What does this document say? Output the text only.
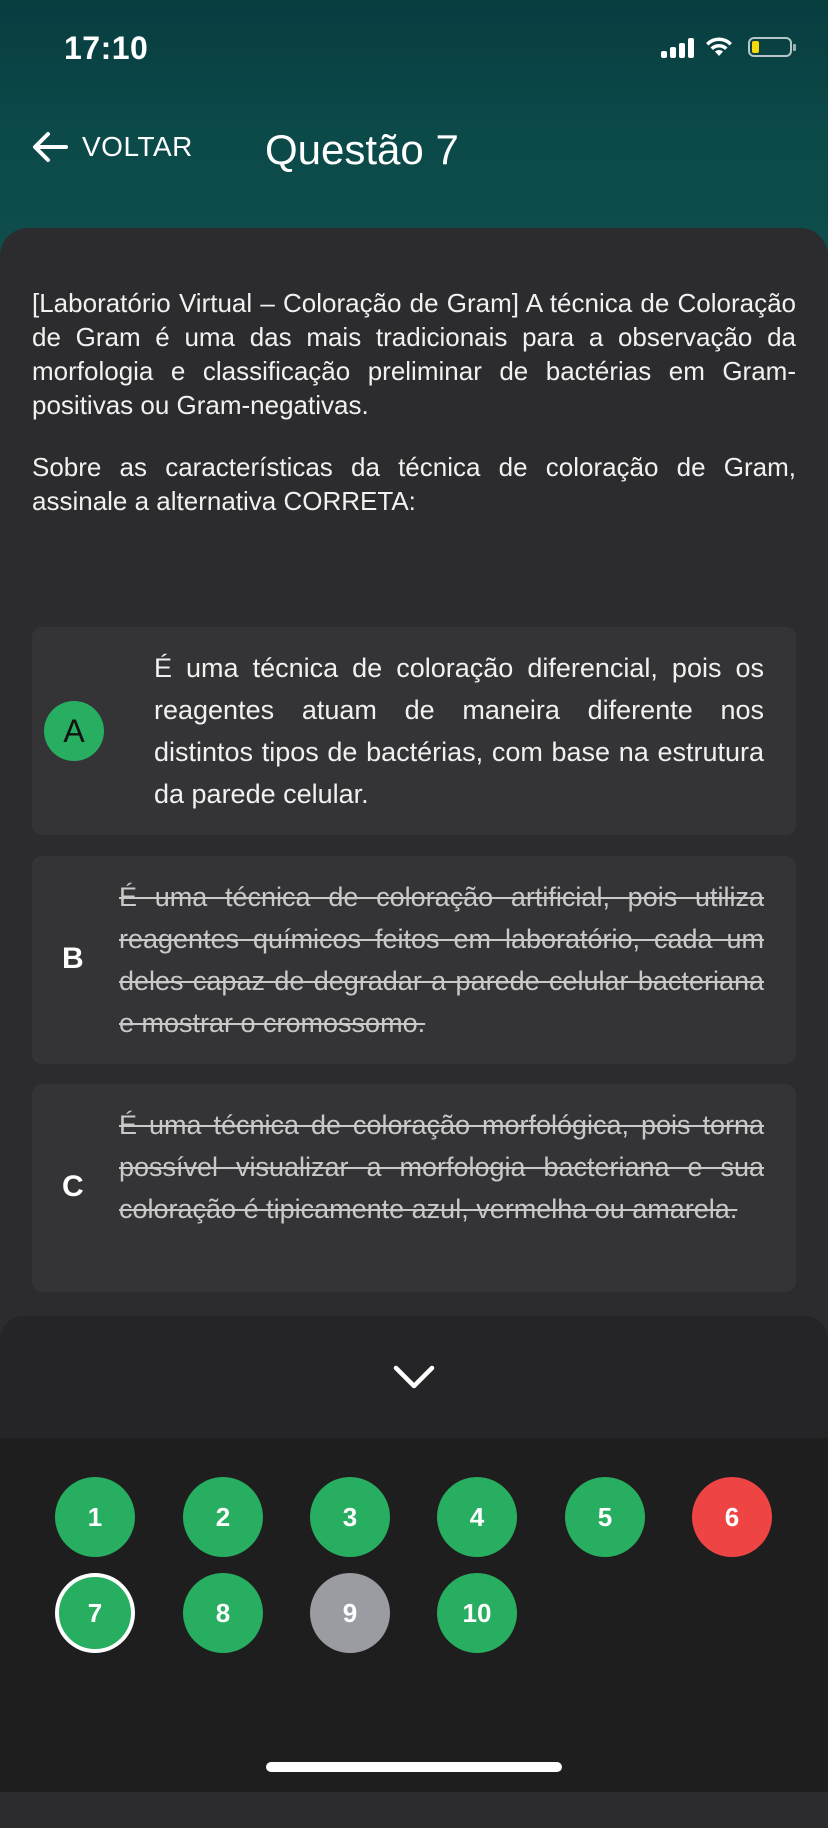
17:10
VOLTAR Questão 7

[Laboratório Virtual – Coloração de Gram] A técnica de Coloração de Gram é uma das mais tradicionais para a observação da morfologia e classificação preliminar de bactérias em Gram-positivas ou Gram-negativas.

Sobre as características da técnica de coloração de Gram, assinale a alternativa CORRETA:

A
É uma técnica de coloração diferencial, pois os reagentes atuam de maneira diferente nos distintos tipos de bactérias, com base na estrutura da parede celular.
B
É uma técnica de coloração artificial, pois utiliza reagentes químicos feitos em laboratório, cada um deles capaz de degradar a parede celular bacteriana e mostrar o cromossomo.
C
É uma técnica de coloração morfológica, pois torna possível visualizar a morfologia bacteriana e sua coloração é tipicamente azul, vermelha ou amarela.
1	2	3	4	5	6
7	8	9	10
